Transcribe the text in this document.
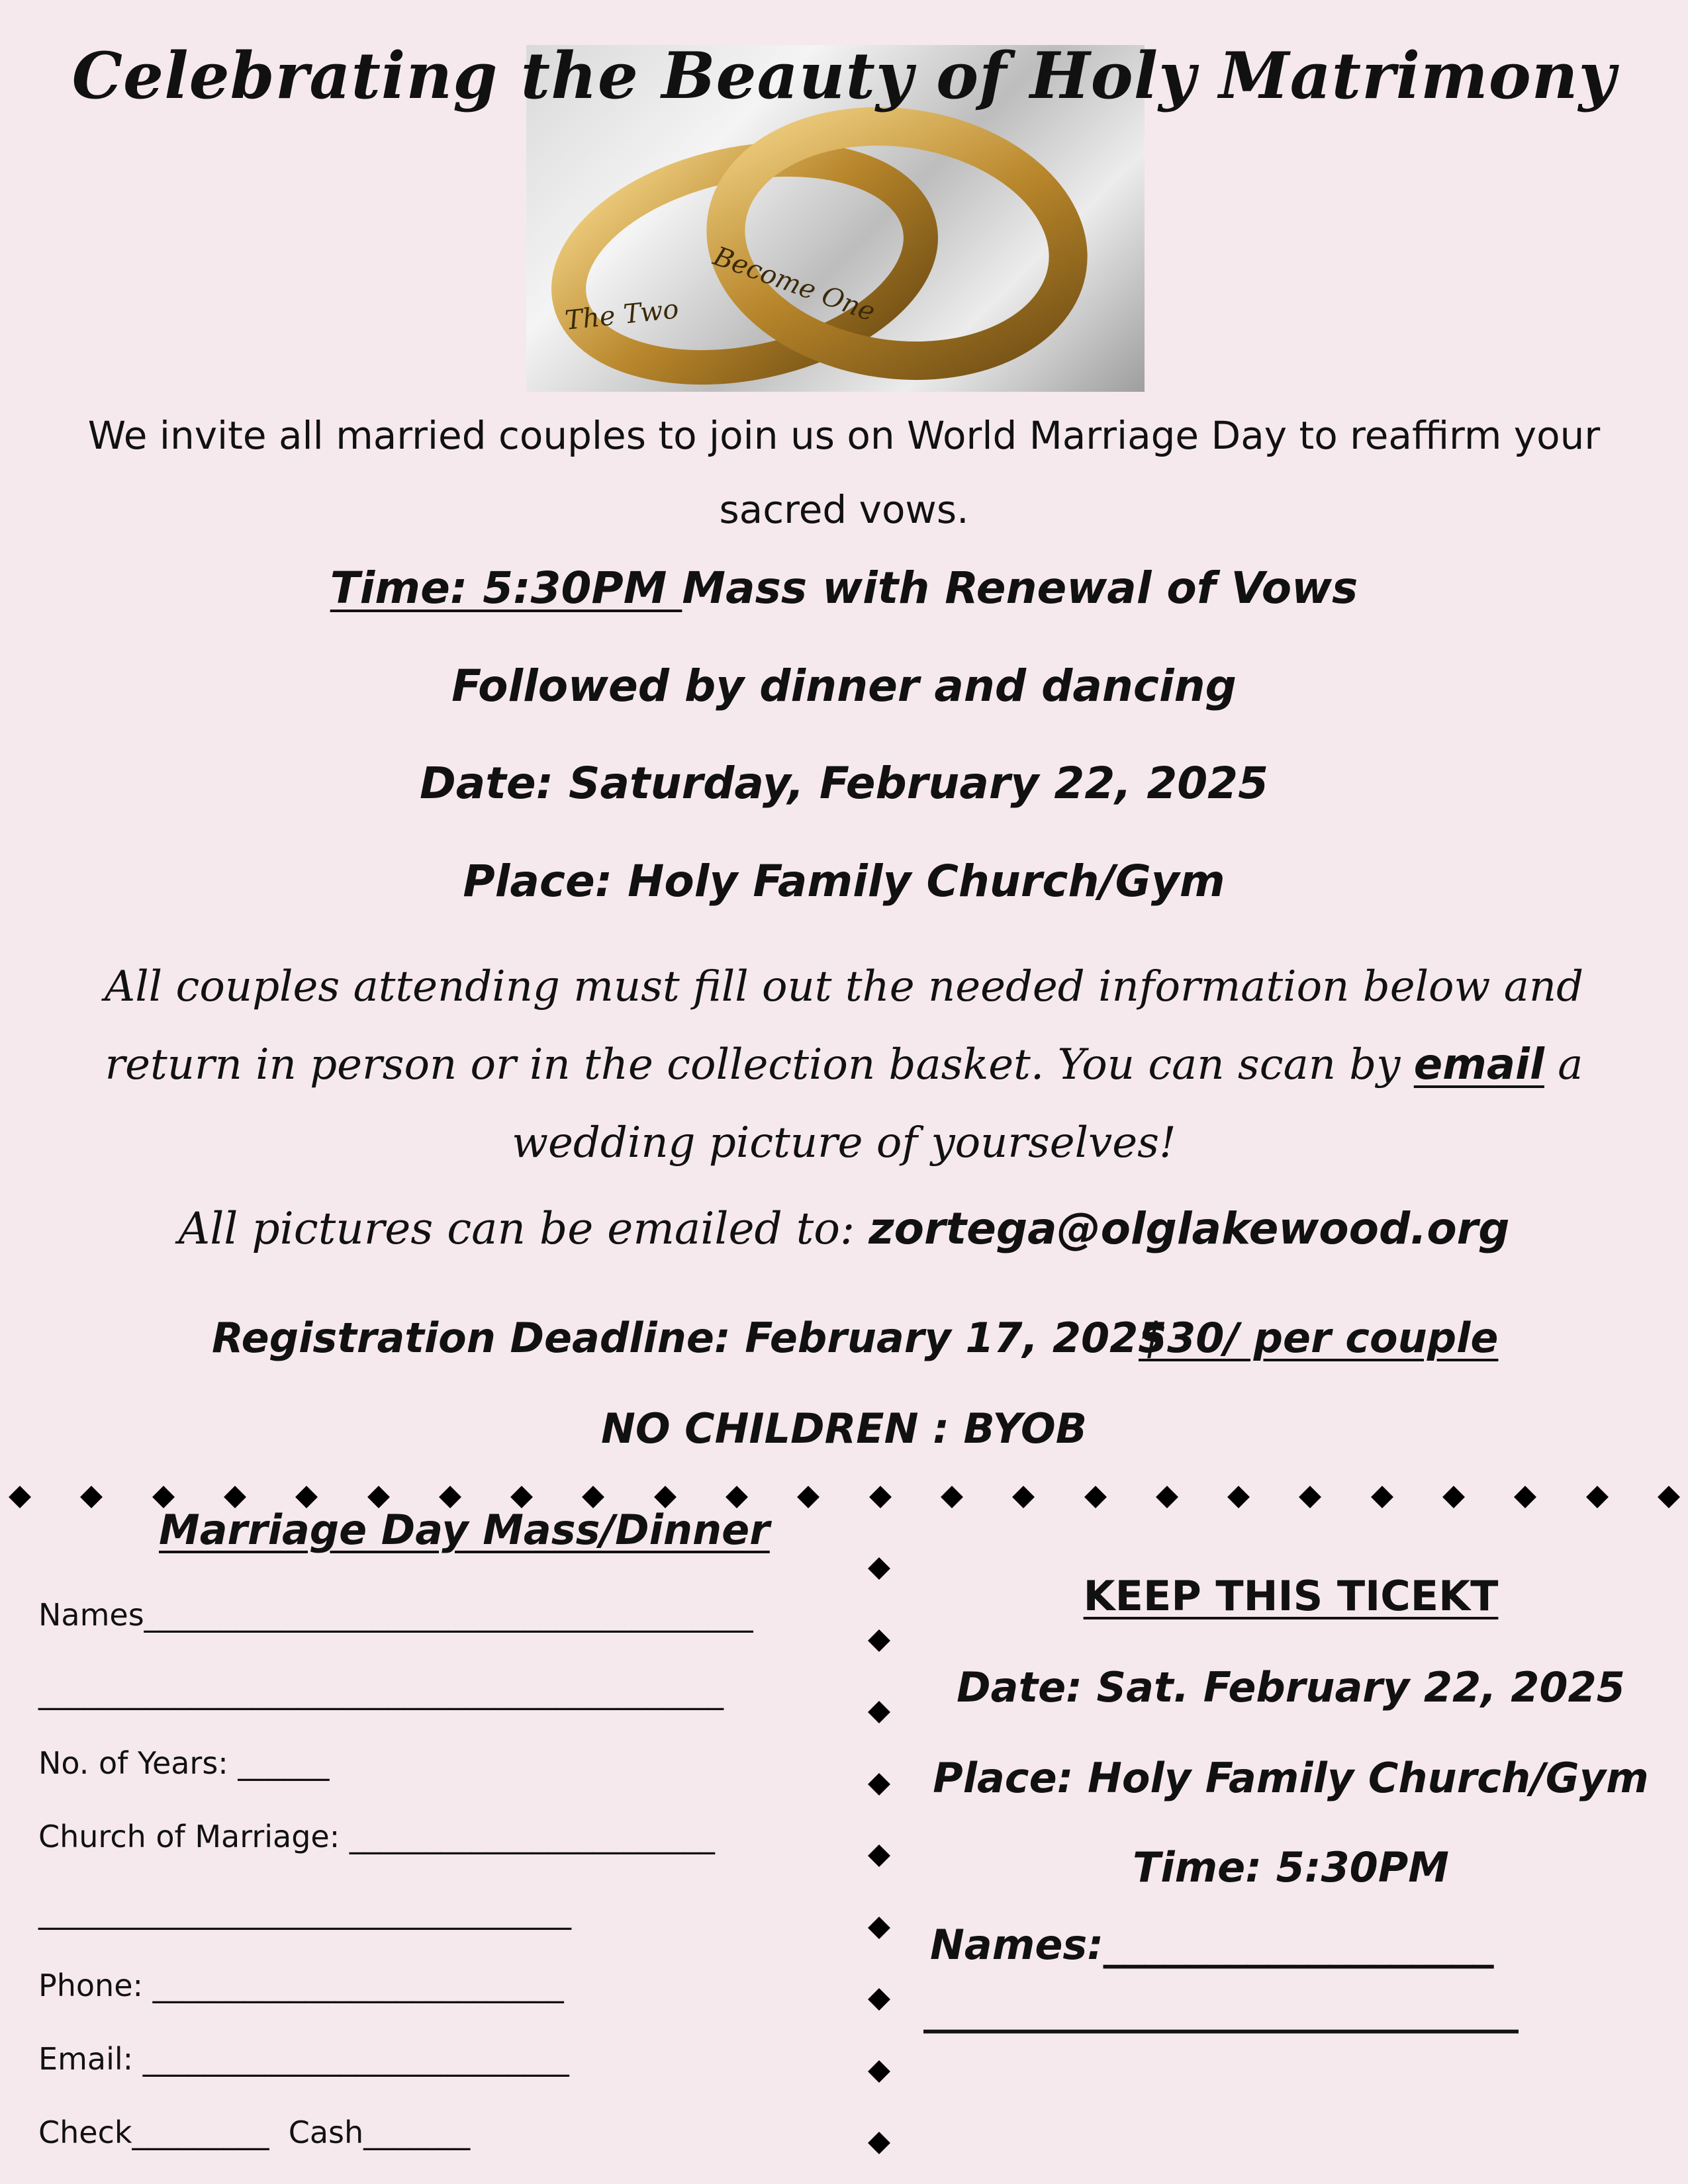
Celebrating the Beauty of Holy Matrimony
The Two Become One
We invite all married couples to join us on World Marriage Day to reaffirm your sacred vows.
Time: 5:30PM Mass with Renewal of Vows
Followed by dinner and dancing
Date: Saturday, February 22, 2025
Place: Holy Family Church/Gym
All couples attending must fill out the needed information below and return in person or in the collection basket. You can scan by email a wedding picture of yourselves!
All pictures can be emailed to: zortega@olglakewood.org
Registration Deadline: February 17, 2025
$30/ per couple
NO CHILDREN : BYOB
Marriage Day Mass/Dinner
Names________________________________________
_____________________________________________
No. of Years: ______
Church of Marriage: ________________________
___________________________________
Phone: ___________________________
Email: ____________________________
Check_________  Cash_______
KEEP THIS TICEKT
Date: Sat. February 22, 2025
Place: Holy Family Church/Gym
Time: 5:30PM
Names:___________________
_____________________________
